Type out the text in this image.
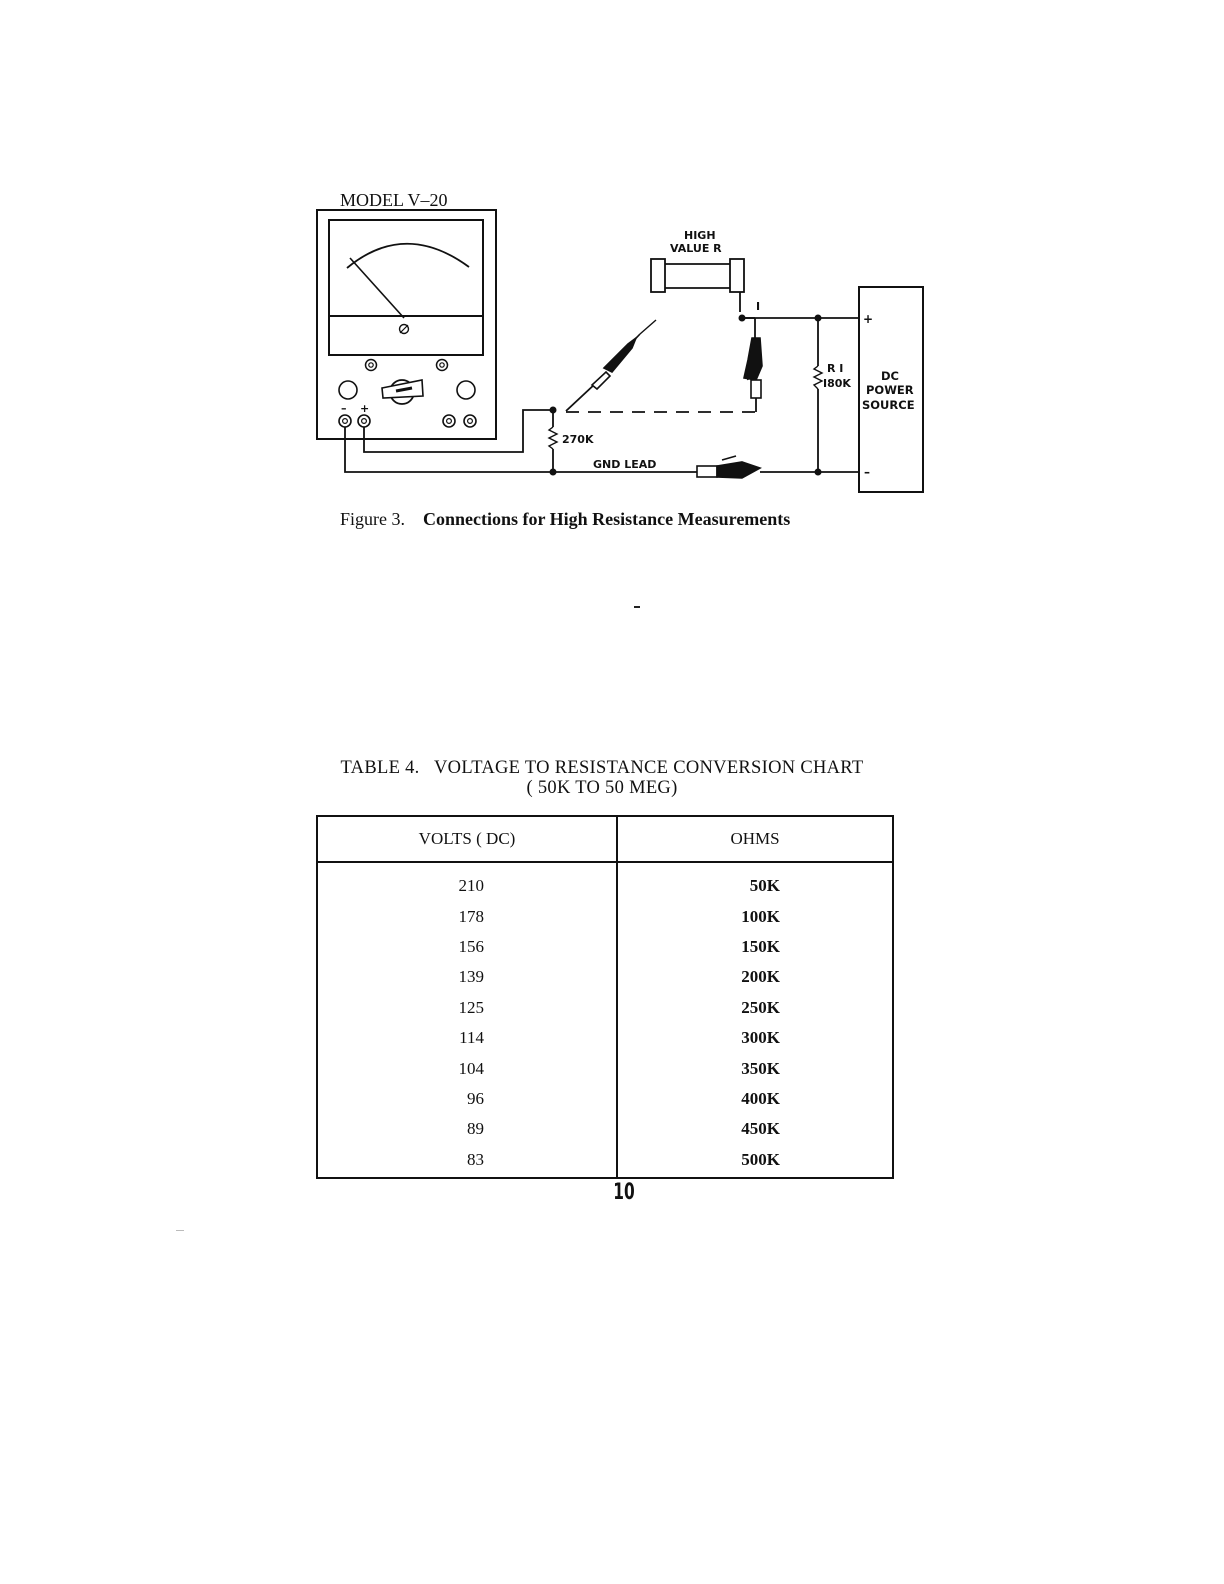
MODEL V–20
– +
HIGH
VALUE R
I
R I
I80K
DC
POWER
SOURCE
+
–
270K
GND LEAD
Figure 3. Connections for High Resistance Measurements
TABLE 4.   VOLTAGE TO RESISTANCE CONVERSION CHART
( 50K TO 50 MEG)
VOLTS ( DC)	OHMS
210	50K
178	100K
156	150K
139	200K
125	250K
114	300K
104	350K
96	400K
89	450K
83	500K
10
